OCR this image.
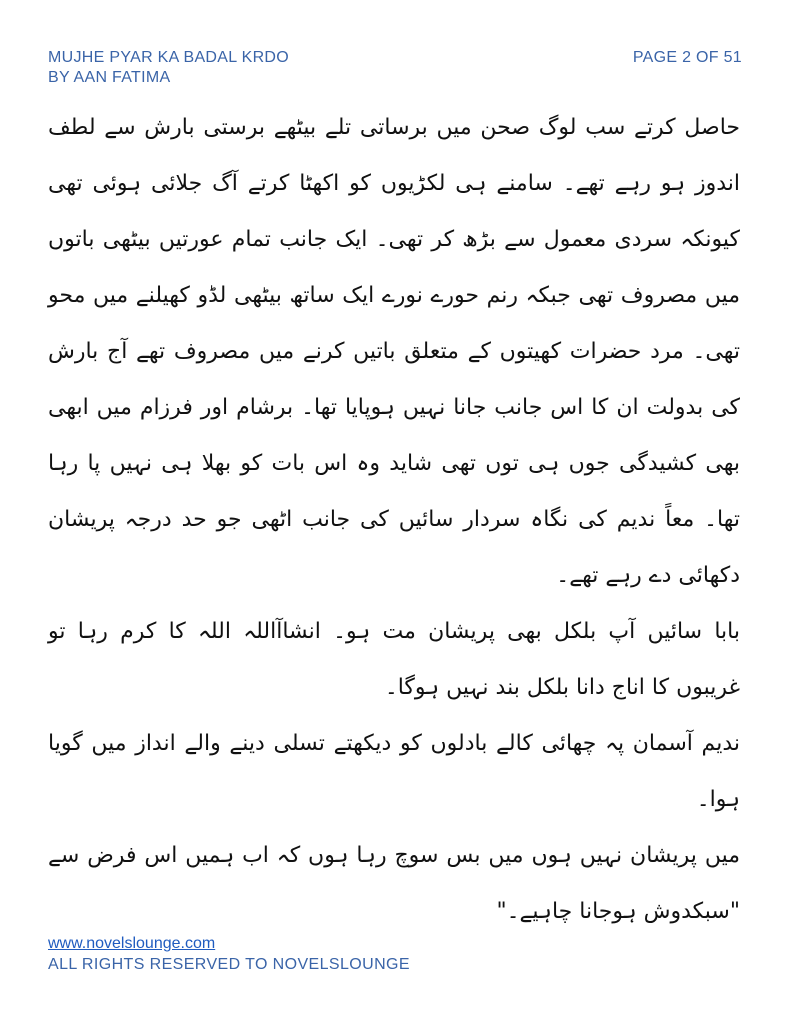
MUJHE PYAR KA BADAL KRDO
BY AAN FATIMA
PAGE 2 OF 51

حاصل کرتے سب لوگ صحن میں برساتی تلے بیٹھے برستی بارش سے لطف اندوز ہو رہے تھے۔ سامنے ہی لکڑیوں کو اکھٹا کرتے آگ جلائی ہوئی تھی کیونکہ سردی معمول سے بڑھ کر تھی۔ ایک جانب تمام عورتیں بیٹھی باتوں میں مصروف تھی جبکہ رنم حورے نورے ایک ساتھ بیٹھی لڈو کھیلنے میں محو تھی۔ مرد حضرات کھیتوں کے متعلق باتیں کرنے میں مصروف تھے آج بارش کی بدولت ان کا اس جانب جانا نہیں ہوپایا تھا۔ برشام اور فرزام میں ابھی بھی کشیدگی جوں ہی توں تھی شاید وہ اس بات کو بھلا ہی نہیں پا رہا تھا۔ معاً ندیم کی نگاہ سردار سائیں کی جانب اٹھی جو حد درجہ پریشان دکھائی دے رہے تھے۔

بابا سائیں آپ بلکل بھی پریشان مت ہو۔ انشاآاللہ اللہ کا کرم رہا تو غریبوں کا اناج دانا بلکل بند نہیں ہوگا۔

ندیم آسمان پہ چھائی کالے بادلوں کو دیکھتے تسلی دینے والے انداز میں گویا ہوا۔

میں پریشان نہیں ہوں میں بس سوچ رہا ہوں کہ اب ہمیں اس فرض سے "سبکدوش ہوجانا چاہیے۔"

www.novelslounge.com
ALL RIGHTS RESERVED TO NOVELSLOUNGE
